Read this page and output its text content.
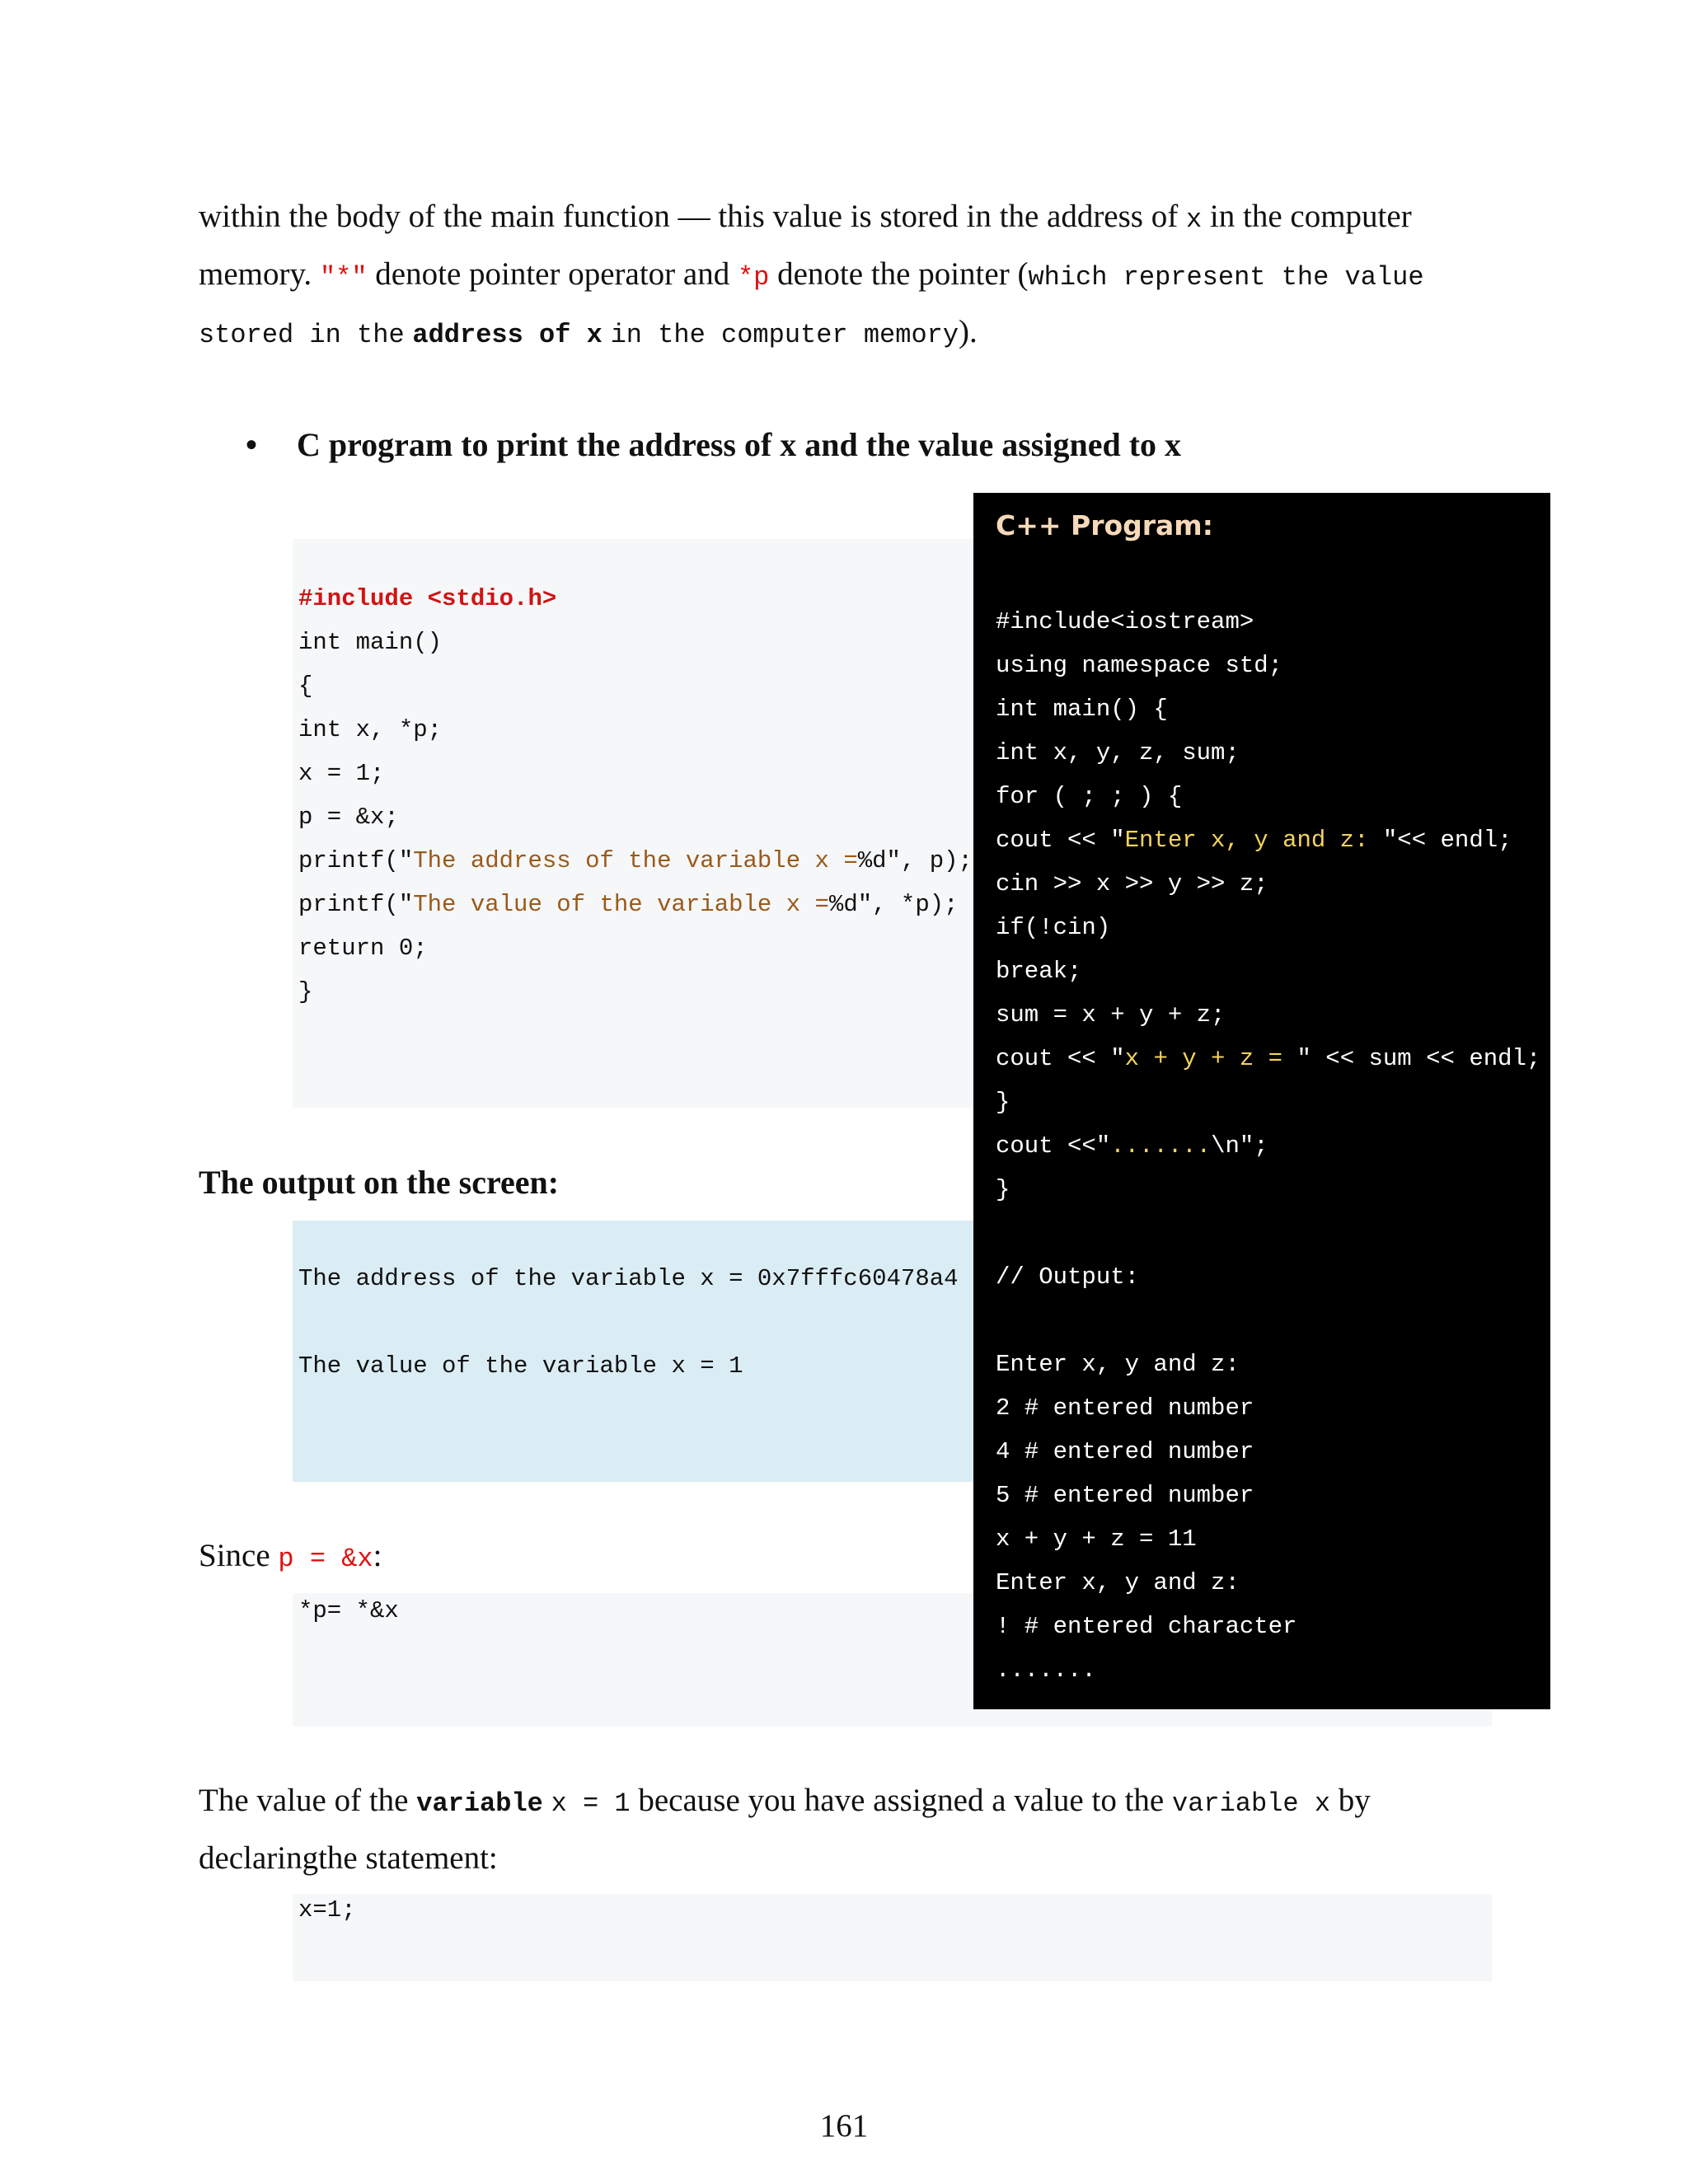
within the body of the main function — this value is stored in the address of x in the computer
memory. "*" denote pointer operator and *p denote the pointer (which represent the value
stored in the address of x in the computer memory).
• C program to print the address of x and the value assigned to x
#include <stdio.h>
int main()
{
int x, *p;
x = 1;
p = &x;
printf("The address of the variable x =%d", p);
printf("The value of the variable x =%d", *p);
return 0;
}
The output on the screen:
The address of the variable x = 0x7fffc60478a4
The value of the variable x = 1
Since p = &x:
*p= *&x
The value of the variable x = 1 because you have assigned a value to the variable x by
declaringthe statement:
x=1;
C++ Program:
#include<iostream>
using namespace std;
int main() {
int x, y, z, sum;
for ( ; ; ) {
cout << "Enter x, y and z: "<< endl;
cin >> x >> y >> z;
if(!cin)
break;
sum = x + y + z;
cout << "x + y + z = " << sum << endl;
}
cout <<".......\n";
}
// Output:
Enter x, y and z:
2 # entered number
4 # entered number
5 # entered number
x + y + z = 11
Enter x, y and z:
! # entered character
.......
161
